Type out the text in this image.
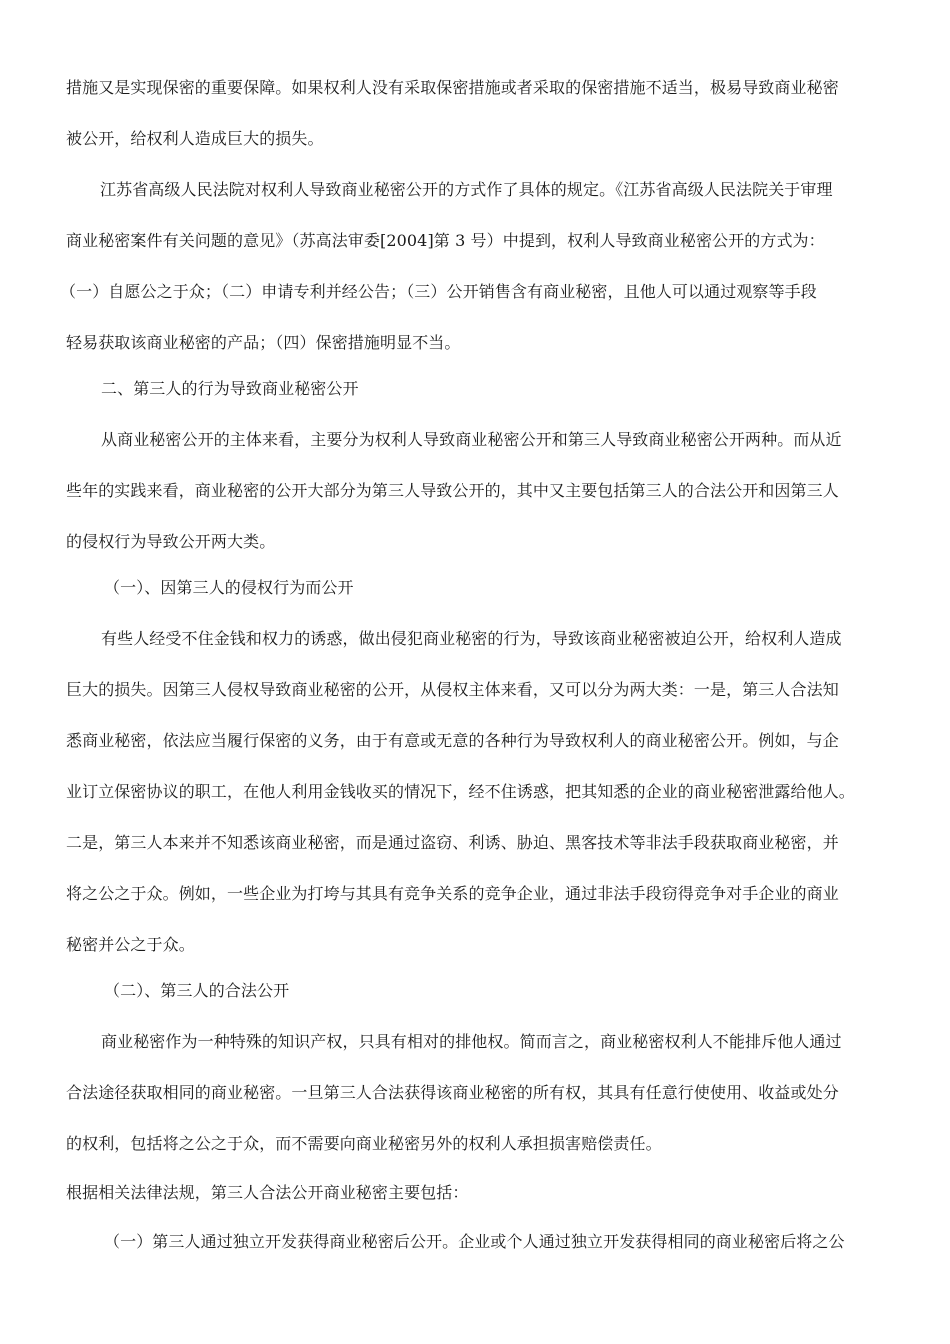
措施又是实现保密的重要保障。如果权利人没有采取保密措施或者采取的保密措施不适当，极易导致商业秘密
被公开，给权利人造成巨大的损失。
江苏省高级人民法院对权利人导致商业秘密公开的方式作了具体的规定。《江苏省高级人民法院关于审理
商业秘密案件有关问题的意见》（苏高法审委[2004]第 3 号）中提到，权利人导致商业秘密公开的方式为：
（一）自愿公之于众；（二）申请专利并经公告；（三）公开销售含有商业秘密，且他人可以通过观察等手段
轻易获取该商业秘密的产品；（四）保密措施明显不当。
二、第三人的行为导致商业秘密公开
从商业秘密公开的主体来看，主要分为权利人导致商业秘密公开和第三人导致商业秘密公开两种。而从近
些年的实践来看，商业秘密的公开大部分为第三人导致公开的，其中又主要包括第三人的合法公开和因第三人
的侵权行为导致公开两大类。
（一）、因第三人的侵权行为而公开
有些人经受不住金钱和权力的诱惑，做出侵犯商业秘密的行为，导致该商业秘密被迫公开，给权利人造成
巨大的损失。因第三人侵权导致商业秘密的公开，从侵权主体来看，又可以分为两大类：一是，第三人合法知
悉商业秘密，依法应当履行保密的义务，由于有意或无意的各种行为导致权利人的商业秘密公开。例如，与企
业订立保密协议的职工，在他人利用金钱收买的情况下，经不住诱惑，把其知悉的企业的商业秘密泄露给他人。
二是，第三人本来并不知悉该商业秘密，而是通过盗窃、利诱、胁迫、黑客技术等非法手段获取商业秘密，并
将之公之于众。例如，一些企业为打垮与其具有竞争关系的竞争企业，通过非法手段窃得竞争对手企业的商业
秘密并公之于众。
（二）、第三人的合法公开
商业秘密作为一种特殊的知识产权，只具有相对的排他权。简而言之，商业秘密权利人不能排斥他人通过
合法途径获取相同的商业秘密。一旦第三人合法获得该商业秘密的所有权，其具有任意行使使用、收益或处分
的权利，包括将之公之于众，而不需要向商业秘密另外的权利人承担损害赔偿责任。
根据相关法律法规，第三人合法公开商业秘密主要包括：
（一）第三人通过独立开发获得商业秘密后公开。企业或个人通过独立开发获得相同的商业秘密后将之公
